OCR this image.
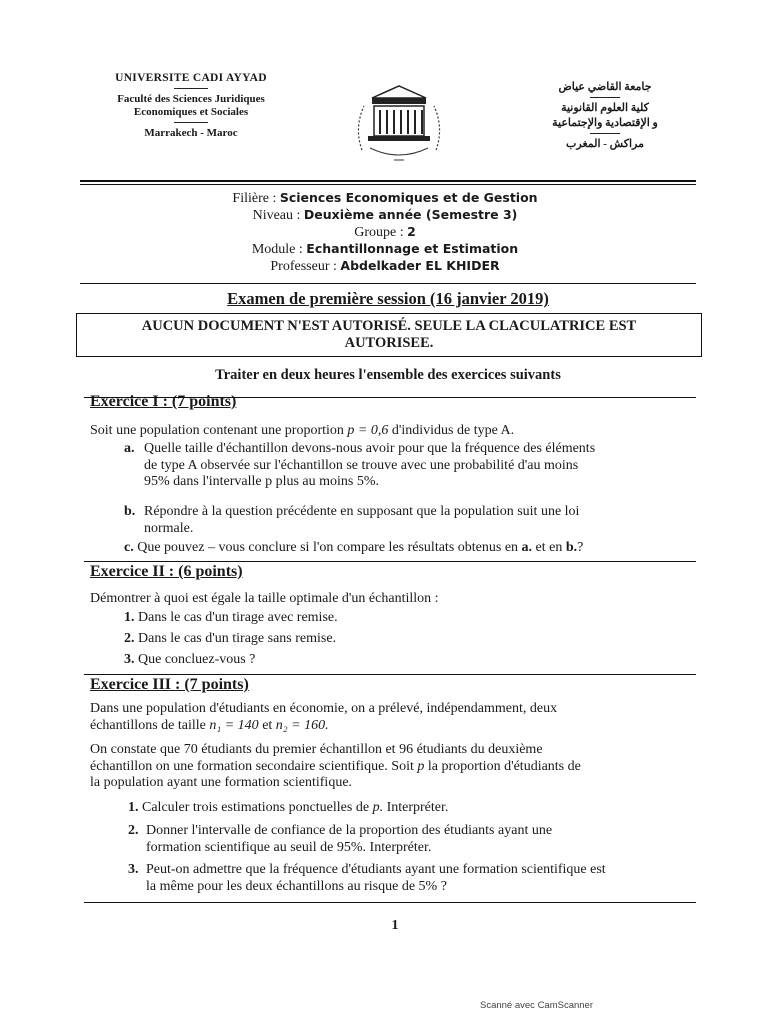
UNIVERSITE CADI AYYAD
Faculté des Sciences Juridiques
Economiques et Sociales
Marrakech - Maroc
جامعة القاضي عياض
كلية العلوم القانونية
و الإقتصادية والإجتماعية
مراكش - المغرب
Filière : Sciences Economiques et de Gestion
Niveau : Deuxième année (Semestre 3)
Groupe : 2
Module : Echantillonnage et Estimation
Professeur : Abdelkader EL KHIDER
Examen de première session (16 janvier 2019)
AUCUN DOCUMENT N'EST AUTORISÉ. SEULE LA CLACULATRICE EST
AUTORISEE.
Traiter en deux heures l'ensemble des exercices suivants
Exercice I : (7 points)
Soit une population contenant une proportion p = 0,6 d'individus de type A.
a. Quelle taille d'échantillon devons-nous avoir pour que la fréquence des éléments
de type A observée sur l'échantillon se trouve avec une probabilité d'au moins
95% dans l'intervalle p plus au moins 5%.
b. Répondre à la question précédente en supposant que la population suit une loi
normale.
c. Que pouvez – vous conclure si l'on compare les résultats obtenus en a. et en b.?
Exercice II : (6 points)
Démontrer à quoi est égale la taille optimale d'un échantillon :
1. Dans le cas d'un tirage avec remise.
2. Dans le cas d'un tirage sans remise.
3. Que concluez-vous ?
Exercice III : (7 points)
Dans une population d'étudiants en économie, on a prélevé, indépendamment, deux
échantillons de taille n₁ = 140 et n₂ = 160.
On constate que 70 étudiants du premier échantillon et 96 étudiants du deuxième
échantillon on une formation secondaire scientifique. Soit p la proportion d'étudiants de
la population ayant une formation scientifique.
1. Calculer trois estimations ponctuelles de p. Interpréter.
2. Donner l'intervalle de confiance de la proportion des étudiants ayant une
formation scientifique au seuil de 95%. Interpréter.
3. Peut-on admettre que la fréquence d'étudiants ayant une formation scientifique est
la même pour les deux échantillons au risque de 5% ?
1
Scanné avec CamScanner
